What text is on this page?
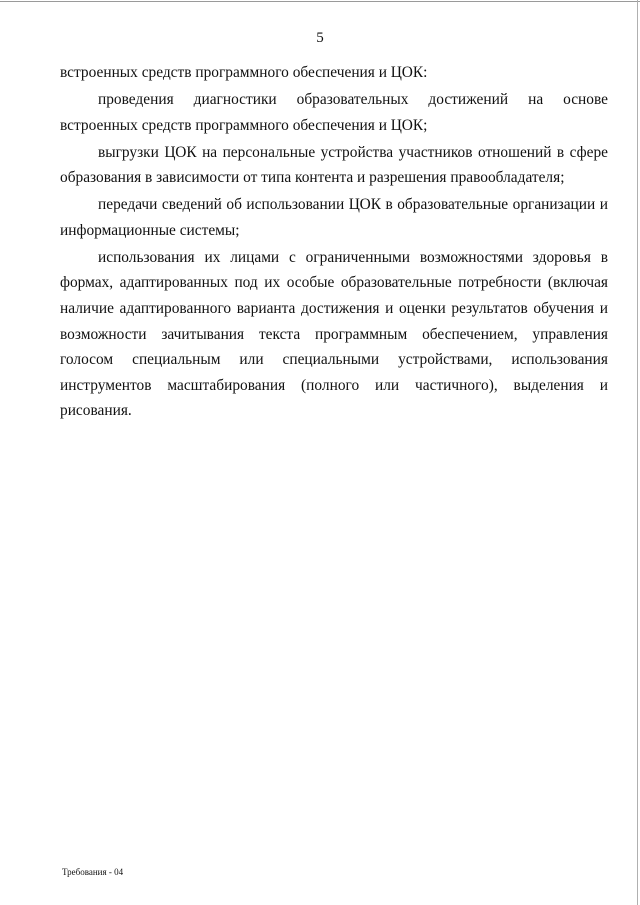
5

встроенных средств программного обеспечения и ЦОК:

проведения диагностики образовательных достижений на основе встроенных средств программного обеспечения и ЦОК;

выгрузки ЦОК на персональные устройства участников отношений в сфере образования в зависимости от типа контента и разрешения правообладателя;

передачи сведений об использовании ЦОК в образовательные организации и информационные системы;

использования их лицами с ограниченными возможностями здоровья в формах, адаптированных под их особые образовательные потребности (включая наличие адаптированного варианта достижения и оценки результатов обучения и возможности зачитывания текста программным обеспечением, управления голосом специальным или специальными устройствами, использования инструментов масштабирования (полного или частичного), выделения и рисования.

Требования - 04
